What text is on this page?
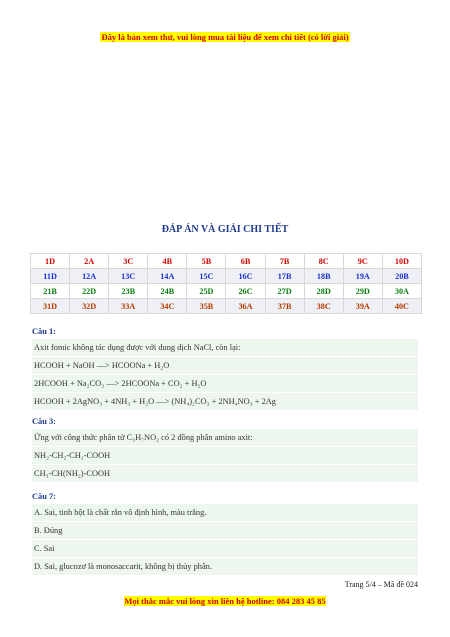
Đây là bản xem thử, vui lòng mua tài liệu để xem chi tiết (có lời giải)
ĐÁP ÁN VÀ GIẢI CHI TIẾT
1D	2A	3C	4B	5B	6B	7B	8C	9C	10D
11D	12A	13C	14A	15C	16C	17B	18B	19A	20B
21B	22D	23B	24B	25D	26C	27D	28D	29D	30A
31D	32D	33A	34C	35B	36A	37B	38C	39A	40C
Câu 1:
Axit fomic không tác dụng được với dung dịch NaCl, còn lại:
HCOOH + NaOH —> HCOONa + H₂O
2HCOOH + Na₂CO₃ —> 2HCOONa + CO₂ + H₂O
HCOOH + 2AgNO₃ + 4NH₃ + H₂O —> (NH₄)₂CO₃ + 2NH₄NO₃ + 2Ag
Câu 3:
Ứng với công thức phân tử C₃H₇NO₂ có 2 đồng phân amino axit:
NH₂-CH₂-CH₂-COOH
CH₃-CH(NH₂)-COOH
Câu 7:
A. Sai, tinh bột là chất rắn vô định hình, màu trắng.
B. Đúng
C. Sai
D. Sai, glucozơ là monosaccarit, không bị thủy phân.
Trang 5/4 – Mã đề 024
Mọi thắc mắc vui lòng xin liên hệ hotline: 084 283 45 85
